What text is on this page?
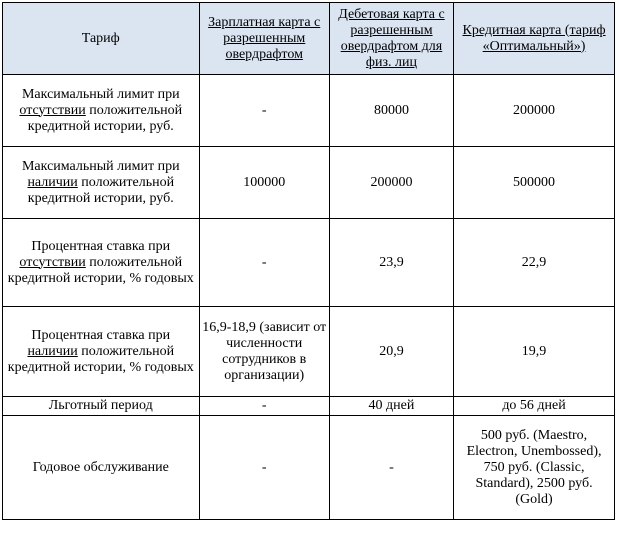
Тариф	Зарплатная карта с разрешенным овердрафтом	Дебетовая карта с разрешенным овердрафтом для физ. лиц	Кредитная карта (тариф «Оптимальный»)
Максимальный лимит при отсутствии положительной кредитной истории, руб.	-	80000	200000
Максимальный лимит при наличии положительной кредитной истории, руб.	100000	200000	500000
Процентная ставка при отсутствии положительной кредитной истории, % годовых	-	23,9	22,9
Процентная ставка при наличии положительной кредитной истории, % годовых	16,9-18,9 (зависит от численности сотрудников в организации)	20,9	19,9
Льготный период	-	40 дней	до 56 дней
Годовое обслуживание	-	-	500 руб. (Maestro, Electron, Unembossed), 750 руб. (Classic, Standard), 2500 руб. (Gold)
